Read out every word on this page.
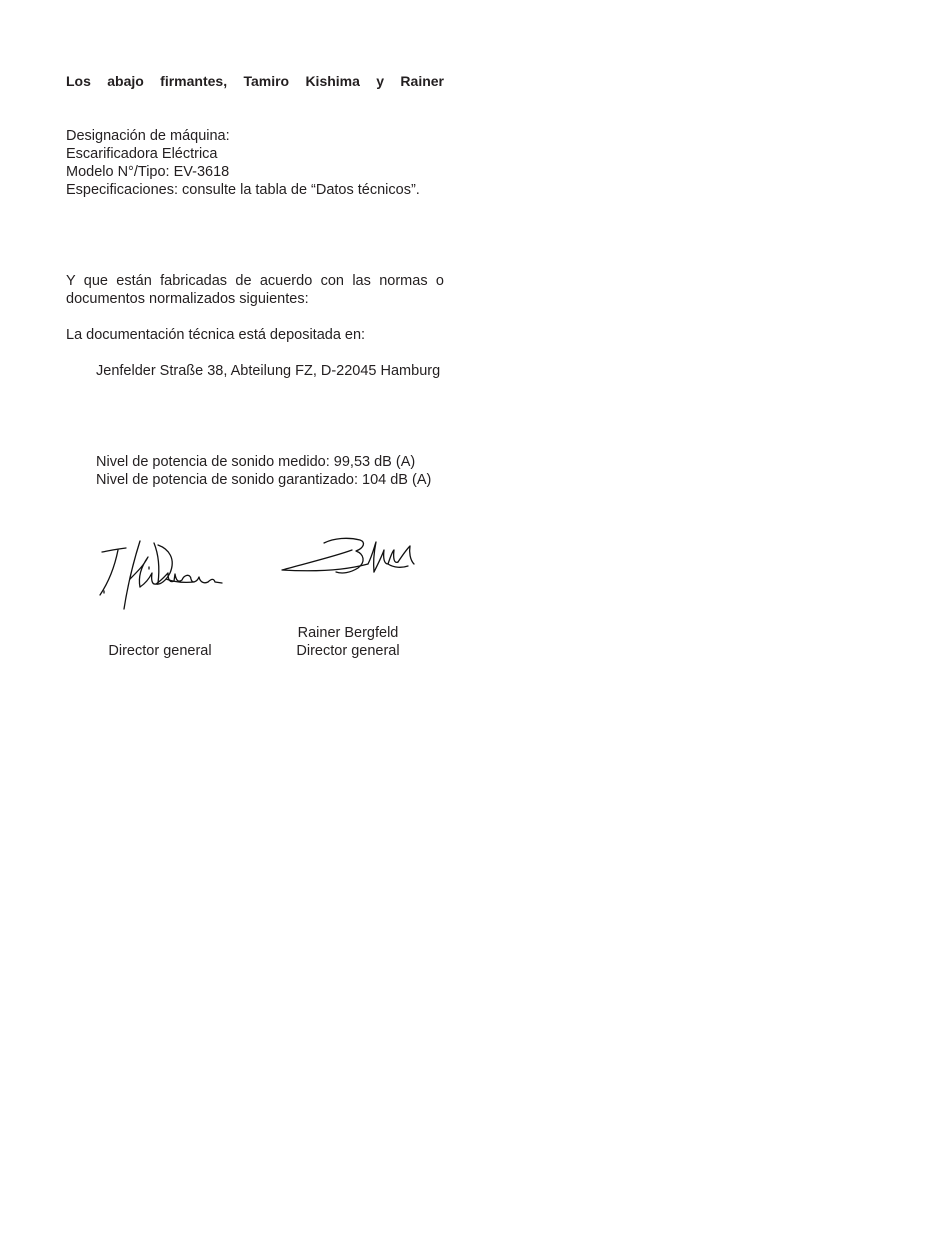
Los abajo firmantes, Tamiro Kishima y Rainer
Designación de máquina:
Escarificadora Eléctrica
Modelo N°/Tipo: EV-3618
Especificaciones: consulte la tabla de “Datos técnicos”.
Y que están fabricadas de acuerdo con las normas o documentos normalizados siguientes:
La documentación técnica está depositada en:
Jenfelder Straße 38, Abteilung FZ, D-22045 Hamburg
Nivel de potencia de sonido medido: 99,53 dB (A)
Nivel de potencia de sonido garantizado: 104 dB (A)
Director general
Rainer Bergfeld
Director general
